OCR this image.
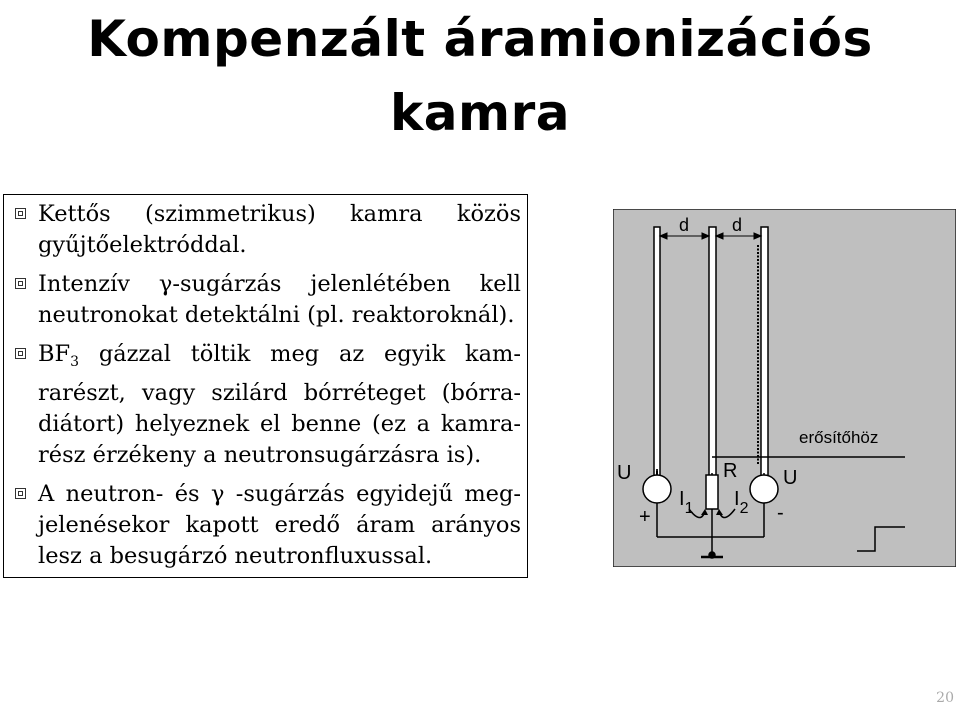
Kompenzált áramionizációs
kamra
Kettős (szimmetrikus) kamra közös
gyűjtőelektróddal.
Intenzív γ-sugárzás jelenlétében kell
neutronokat detektálni (pl. reaktoroknál).
$BF_3$ gázzal töltik meg az egyik kam-
rarészt, vagy szilárd bórréteget (bórra-
diátort) helyeznek el benne (ez a kamra-
rész érzékeny a neutronsugárzásra is).
A neutron- és γ -sugárzás egyidejű meg-
jelenésekor kapott eredő áram arányos
lesz a besugárzó neutronfluxussal.
d d
erősítőhöz
U	U
R
+	-
$I_1$ $I_2$
20
